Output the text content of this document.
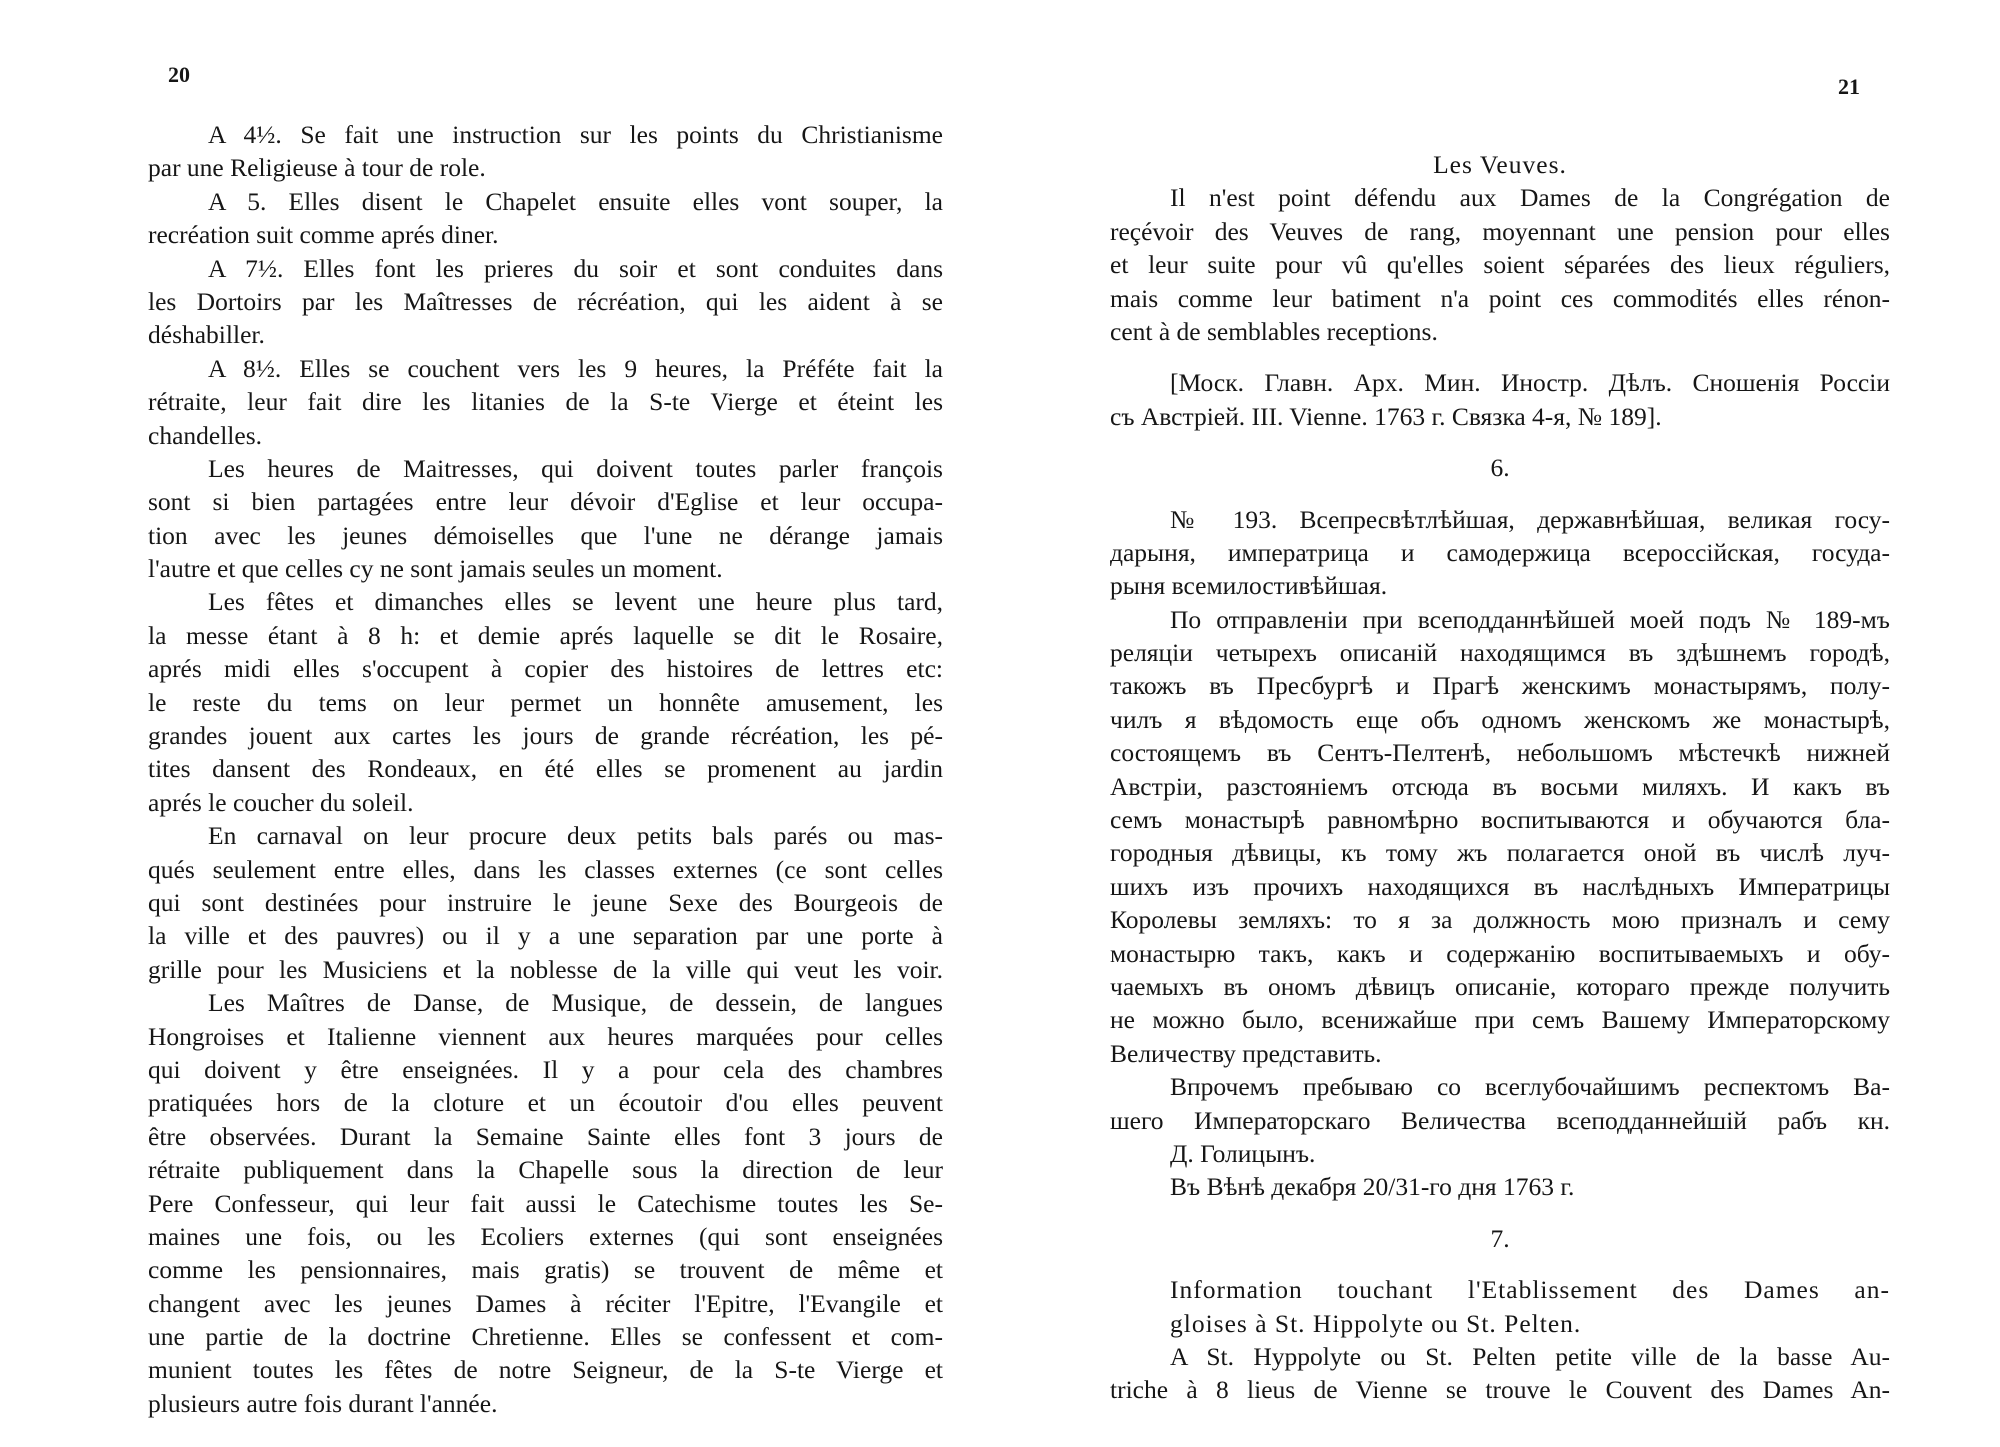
20
A 4½. Se fait une instruction sur les points du Christianisme
par une Religieuse à tour de role.
A 5. Elles disent le Chapelet ensuite elles vont souper, la
recréation suit comme aprés diner.
A 7½. Elles font les prieres du soir et sont conduites dans
les Dortoirs par les Maîtresses de récréation, qui les aident à se
déshabiller.
A 8½. Elles se couchent vers les 9 heures, la Préféte fait la
rétraite, leur fait dire les litanies de la S-te Vierge et éteint les
chandelles.
Les heures de Maitresses, qui doivent toutes parler françois
sont si bien partagées entre leur dévoir d'Eglise et leur occupa-
tion avec les jeunes démoiselles que l'une ne dérange jamais
l'autre et que celles cy ne sont jamais seules un moment.
Les fêtes et dimanches elles se levent une heure plus tard,
la messe étant à 8 h: et demie aprés laquelle se dit le Rosaire,
aprés midi elles s'occupent à copier des histoires de lettres etc:
le reste du tems on leur permet un honnête amusement, les
grandes jouent aux cartes les jours de grande récréation, les pé-
tites dansent des Rondeaux, en été elles se promenent au jardin
aprés le coucher du soleil.
En carnaval on leur procure deux petits bals parés ou mas-
qués seulement entre elles, dans les classes externes (ce sont celles
qui sont destinées pour instruire le jeune Sexe des Bourgeois de
la ville et des pauvres) ou il y a une separation par une porte à
grille pour les Musiciens et la noblesse de la ville qui veut les voir.
Les Maîtres de Danse, de Musique, de dessein, de langues
Hongroises et Italienne viennent aux heures marquées pour celles
qui doivent y être enseignées. Il y a pour cela des chambres
pratiquées hors de la cloture et un écoutoir d'ou elles peuvent
être observées. Durant la Semaine Sainte elles font 3 jours de
rétraite publiquement dans la Chapelle sous la direction de leur
Pere Confesseur, qui leur fait aussi le Catechisme toutes les Se-
maines une fois, ou les Ecoliers externes (qui sont enseignées
comme les pensionnaires, mais gratis) se trouvent de même et
changent avec les jeunes Dames à réciter l'Epitre, l'Evangile et
une partie de la doctrine Chretienne. Elles se confessent et com-
munient toutes les fêtes de notre Seigneur, de la S-te Vierge et
plusieurs autre fois durant l'année.
21
Les Veuves.
Il n'est point défendu aux Dames de la Congrégation de
reçévoir des Veuves de rang, moyennant une pension pour elles
et leur suite pour vû qu'elles soient séparées des lieux réguliers,
mais comme leur batiment n'a point ces commodités elles rénon-
cent à de semblables receptions.
[Моск. Главн. Арх. Мин. Иностр. Дѣлъ. Сношенія Россіи
съ Австріей. III. Vienne. 1763 г. Связка 4-я, № 189].
6.
№ 193. Всепресвѣтлѣйшая, державнѣйшая, великая госу-
дарыня, императрица и самодержица всероссійская, госуда-
рыня всемилостивѣйшая.
По отправленіи при всеподданнѣйшей моей подъ № 189-мъ
реляціи четырехъ описаній находящимся въ здѣшнемъ городѣ,
такожъ въ Пресбургѣ и Прагѣ женскимъ монастырямъ, полу-
чилъ я вѣдомость еще объ одномъ женскомъ же монастырѣ,
состоящемъ въ Сентъ-Пелтенѣ, небольшомъ мѣстечкѣ нижней
Австріи, разстояніемъ отсюда въ восьми миляхъ. И какъ въ
семъ монастырѣ равномѣрно воспитываются и обучаются бла-
городныя дѣвицы, къ тому жъ полагается оной въ числѣ луч-
шихъ изъ прочихъ находящихся въ наслѣдныхъ Императрицы
Королевы земляхъ: то я за должность мою призналъ и сему
монастырю такъ, какъ и содержанію воспитываемыхъ и обу-
чаемыхъ въ ономъ дѣвицъ описаніе, котораго прежде получить
не можно было, всенижайше при семъ Вашему Императорскому
Величеству представить.
Впрочемъ пребываю со всеглубочайшимъ респектомъ Ва-
шего Императорскаго Величества всеподданнейшій рабъ кн.
Д. Голицынъ.
Въ Вѣнѣ декабря 20/31-го дня 1763 г.
7.
Information touchant l'Etablissement des Dames an-
gloises à St. Hippolyte ou St. Pelten.
A St. Hyppolyte ou St. Pelten petite ville de la basse Au-
triche à 8 lieus de Vienne se trouve le Couvent des Dames An-
